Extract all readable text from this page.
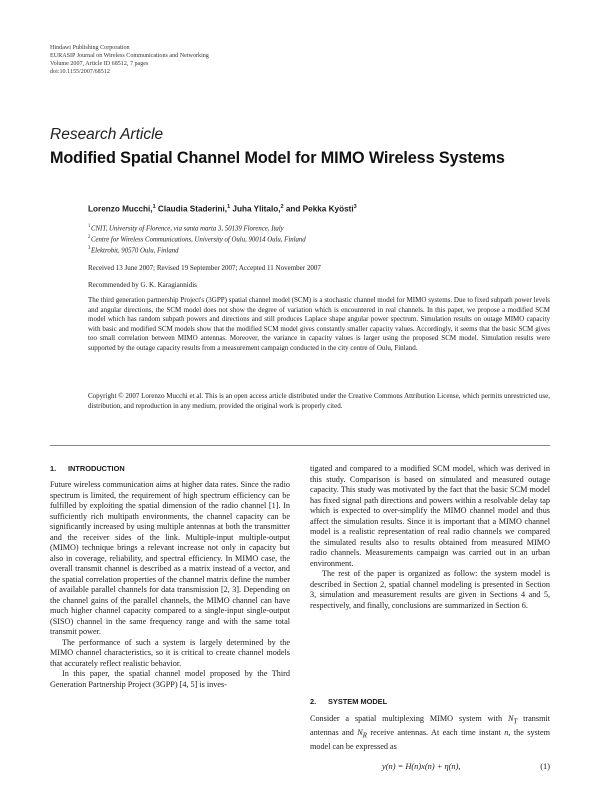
Hindawi Publishing Corporation
EURASIP Journal on Wireless Communications and Networking
Volume 2007, Article ID 68512, 7 pages
doi:10.1155/2007/68512
Research Article
Modified Spatial Channel Model for MIMO Wireless Systems
Lorenzo Mucchi,$^1$ Claudia Staderini,$^1$ Juha Ylitalo,$^2$ and Pekka Kyösti$^3$
$^1$ CNIT, University of Florence, via santa marta 3, 50139 Florence, Italy
$^2$ Centre for Wireless Communications, University of Oulu, 90014 Oulu, Finland
$^3$ Elektrobit, 90570 Oulu, Finland
Received 13 June 2007; Revised 19 September 2007; Accepted 11 November 2007
Recommended by G. K. Karagiannidis

The third generation partnership Project's (3GPP) spatial channel model (SCM) is a stochastic channel model for MIMO systems. Due to fixed subpath power levels and angular directions, the SCM model does not show the degree of variation which is encountered in real channels. In this paper, we propose a modified SCM model which has random subpath powers and directions and still produces Laplace shape angular power spectrum. Simulation results on outage MIMO capacity with basic and modified SCM models show that the modified SCM model gives constantly smaller capacity values. Accordingly, it seems that the basic SCM gives too small correlation between MIMO antennas. Moreover, the variance in capacity values is larger using the proposed SCM model. Simulation results were supported by the outage capacity results from a measurement campaign conducted in the city centre of Oulu, Finland.

Copyright © 2007 Lorenzo Mucchi et al. This is an open access article distributed under the Creative Commons Attribution License, which permits unrestricted use, distribution, and reproduction in any medium, provided the original work is properly cited.

1. INTRODUCTION

Future wireless communication aims at higher data rates. Since the radio spectrum is limited, the requirement of high spectrum efficiency can be fulfilled by exploiting the spatial dimension of the radio channel [1]. In sufficiently rich multipath environments, the channel capacity can be significantly increased by using multiple antennas at both the transmitter and the receiver sides of the link. Multiple-input multiple-output (MIMO) technique brings a relevant increase not only in capacity but also in coverage, reliability, and spectral efficiency. In MIMO case, the overall transmit channel is described as a matrix instead of a vector, and the spatial correlation properties of the channel matrix define the number of available parallel channels for data transmission [2, 3]. Depending on the channel gains of the parallel channels, the MIMO channel can have much higher channel capacity compared to a single-input single-output (SISO) channel in the same frequency range and with the same total transmit power.

The performance of such a system is largely determined by the MIMO channel characteristics, so it is critical to create channel models that accurately reflect realistic behavior.

In this paper, the spatial channel model proposed by the Third Generation Partnership Project (3GPP) [4, 5] is inves-

tigated and compared to a modified SCM model, which was derived in this study. Comparison is based on simulated and measured outage capacity. This study was motivated by the fact that the basic SCM model has fixed signal path directions and powers within a resolvable delay tap which is expected to over-simplify the MIMO channel model and thus affect the simulation results. Since it is important that a MIMO channel model is a realistic representation of real radio channels we compared the simulated results also to results obtained from measured MIMO radio channels. Measurements campaign was carried out in an urban environment.

The rest of the paper is organized as follow: the system model is described in Section 2, spatial channel modeling is presented in Section 3, simulation and measurement results are given in Sections 4 and 5, respectively, and finally, conclusions are summarized in Section 6.

2. SYSTEM MODEL

Consider a spatial multiplexing MIMO system with $N_T$ transmit antennas and $N_R$ receive antennas. At each time instant n, the system model can be expressed as

y(n) = H(n)x(n) + η(n),	(1)
